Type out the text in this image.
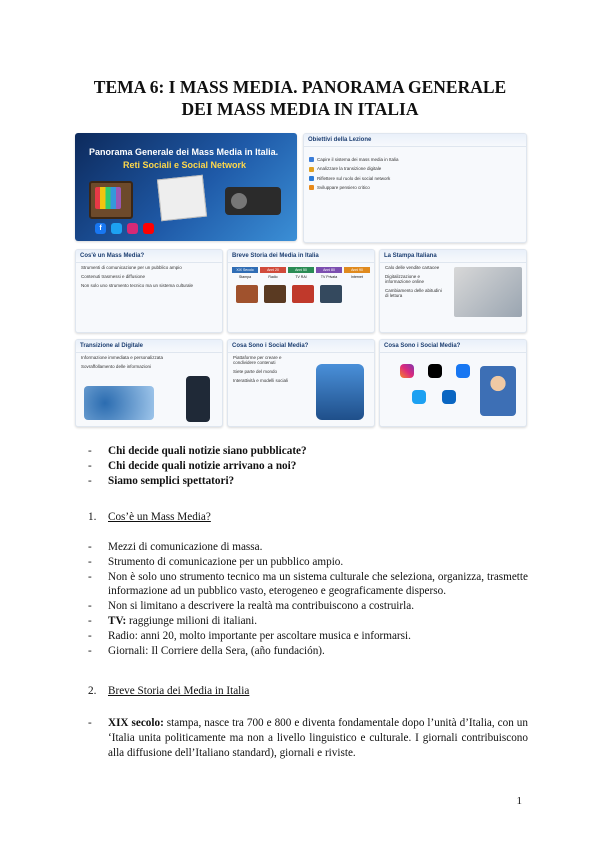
TEMA 6: I MASS MEDIA. PANORAMA GENERALE
DEI MASS MEDIA IN ITALIA
Panorama Generale dei Mass Media in Italia.
Reti Sociali e Social Network
f
Obiettivi della Lezione
Capire il sistema dei mass media in Italia
Analizzare la transizione digitale
Riflettere sul ruolo dei social network
Sviluppare pensiero critico
Cos'è un Mass Media?
Strumenti di comunicazione per un pubblico ampio
Contenuti trasmessi e diffusione
Non solo uno strumento tecnico ma un sistema culturale
Breve Storia dei Media in Italia
XIX Secolo	Anni 20	Anni 50	Anni 80	Anni 90
Stampa	Radio	TV RAI	TV Privata	Internet
La Stampa Italiana
Calo delle vendite cartacee
Digitalizzazione e informazione online
Cambiamento delle abitudini di lettura
Transizione al Digitale
Informazione immediata e personalizzata
Sovraffollamento delle informazioni
Cosa Sono i Social Media?
Piattaforme per creare e condividere contenuti
Siete parte del mondo
Interattività e modelli sociali
Cosa Sono i Social Media?
-	Chi decide quali notizie siano pubblicate?
-	Chi decide quali notizie arrivano a noi?
-	Siamo semplici spettatori?
1.	Cos’è un Mass Media?
-	Mezzi di comunicazione di massa.
-	Strumento di comunicazione per un pubblico ampio.
-	Non è solo uno strumento tecnico ma un sistema culturale che seleziona, organizza, trasmette informazione ad un pubblico vasto, eterogeneo e geograficamente disperso.
-	Non si limitano a descrivere la realtà ma contribuiscono a costruirla.
-	TV: raggiunge milioni di italiani.
-	Radio: anni 20, molto importante per ascoltare musica e informarsi.
-	Giornali: Il Corriere della Sera, (año fundación).
2.	Breve Storia dei Media in Italia
-	XIX secolo: stampa, nasce tra 700 e 800 e diventa fondamentale dopo l’unità d’Italia, con un ‘Italia unita politicamente ma non a livello linguistico e culturale. I giornali contribuiscono alla diffusione dell’Italiano standard), giornali e riviste.
1
